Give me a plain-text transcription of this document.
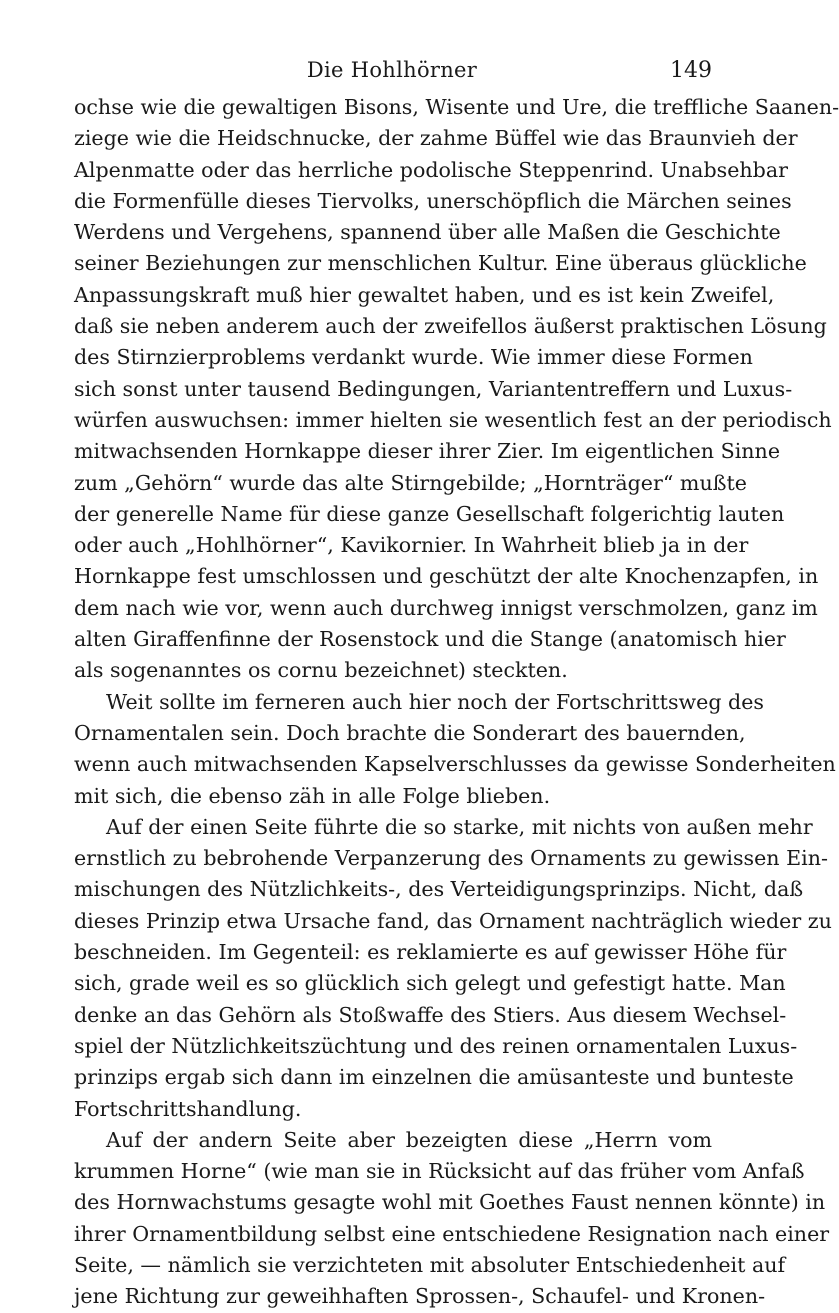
Die Hohlhörner	149
ochse wie die gewaltigen Bisons, Wisente und Ure, die treffliche Saanen-
ziege wie die Heidschnucke, der zahme Büffel wie das Braunvieh der
Alpenmatte oder das herrliche podolische Steppenrind. Unabsehbar
die Formenfülle dieses Tiervolks, unerschöpflich die Märchen seines
Werdens und Vergehens, spannend über alle Maßen die Geschichte
seiner Beziehungen zur menschlichen Kultur. Eine überaus glückliche
Anpassungskraft muß hier gewaltet haben, und es ist kein Zweifel,
daß sie neben anderem auch der zweifellos äußerst praktischen Lösung
des Stirnzierproblems verdankt wurde. Wie immer diese Formen
sich sonst unter tausend Bedingungen, Variantentreffern und Luxus-
würfen auswuchsen: immer hielten sie wesentlich fest an der periodisch
mitwachsenden Hornkappe dieser ihrer Zier. Im eigentlichen Sinne
zum „Gehörn“ wurde das alte Stirngebilde; „Hornträger“ mußte
der generelle Name für diese ganze Gesellschaft folgerichtig lauten
oder auch „Hohlhörner“, Kavikornier. In Wahrheit blieb ja in der
Hornkappe fest umschlossen und geschützt der alte Knochenzapfen, in
dem nach wie vor, wenn auch durchweg innigst verschmolzen, ganz im
alten Giraffenfinne der Rosenstock und die Stange (anatomisch hier
als sogenanntes os cornu bezeichnet) steckten.
Weit sollte im ferneren auch hier noch der Fortschrittsweg des
Ornamentalen sein. Doch brachte die Sonderart des bauernden,
wenn auch mitwachsenden Kapselverschlusses da gewisse Sonderheiten
mit sich, die ebenso zäh in alle Folge blieben.
Auf der einen Seite führte die so starke, mit nichts von außen mehr
ernstlich zu bebrohende Verpanzerung des Ornaments zu gewissen Ein-
mischungen des Nützlichkeits-, des Verteidigungsprinzips. Nicht, daß
dieses Prinzip etwa Ursache fand, das Ornament nachträglich wieder zu
beschneiden. Im Gegenteil: es reklamierte es auf gewisser Höhe für
sich, grade weil es so glücklich sich gelegt und gefestigt hatte. Man
denke an das Gehörn als Stoßwaffe des Stiers. Aus diesem Wechsel-
spiel der Nützlichkeitszüchtung und des reinen ornamentalen Luxus-
prinzips ergab sich dann im einzelnen die amüsanteste und bunteste
Fortschrittshandlung.
Auf der andern Seite aber bezeigten diese „Herrn vom
krummen Horne“ (wie man sie in Rücksicht auf das früher vom Anfaß
des Hornwachstums gesagte wohl mit Goethes Faust nennen könnte) in
ihrer Ornamentbildung selbst eine entschiedene Resignation nach einer
Seite, — nämlich sie verzichteten mit absoluter Entschiedenheit auf
jene Richtung zur geweihhaften Sprossen-, Schaufel- und Kronen-
